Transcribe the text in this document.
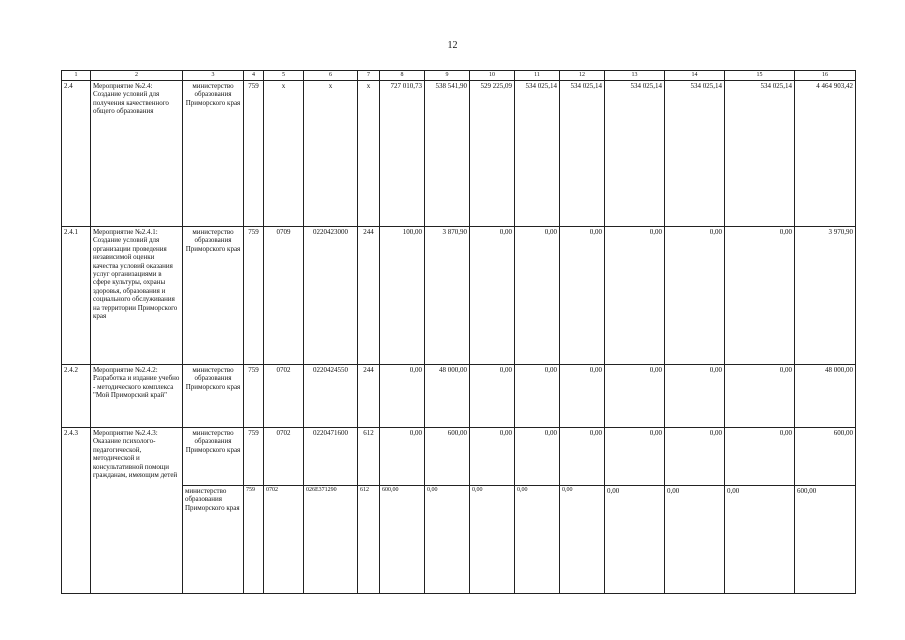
12
1	2	3	4	5	6	7	8	9	10	11	12	13	14	15	16
2.4	Мероприятие №2.4: Создание условий для получения качественного общего образования	министерство образования Приморского края	759	х	х	х	727 010,73	538 541,90	529 225,09	534 025,14	534 025,14	534 025,14	534 025,14	534 025,14	4 464 903,42
2.4.1	Мероприятие №2.4.1: Создание условий для организации проведения независимой оценки качества условий оказания услуг организациями в сфере культуры, охраны здоровья, образования и социального обслуживания на территории Приморского края	министерство образования Приморского края	759	0709	0220423000	244	100,00	3 870,90	0,00	0,00	0,00	0,00	0,00	0,00	3 970,90
2.4.2	Мероприятие №2.4.2: Разработка и издание учебно - методического комплекса "Мой Приморский край"	министерство образования Приморского края	759	0702	0220424550	244	0,00	48 000,00	0,00	0,00	0,00	0,00	0,00	0,00	48 000,00
2.4.3	Мероприятие №2.4.3: Оказание психолого-педагогической, методической и консультативной помощи гражданам, имеющим детей	министерство образования Приморского края	759	0702	0220471600	612	0,00	600,00	0,00	0,00	0,00	0,00	0,00	0,00	600,00
		министерство образования Приморского края	759	0702	026Е371290	612	600,00	0,00	0,00	0,00	0,00	0,00	0,00	0,00	600,00
